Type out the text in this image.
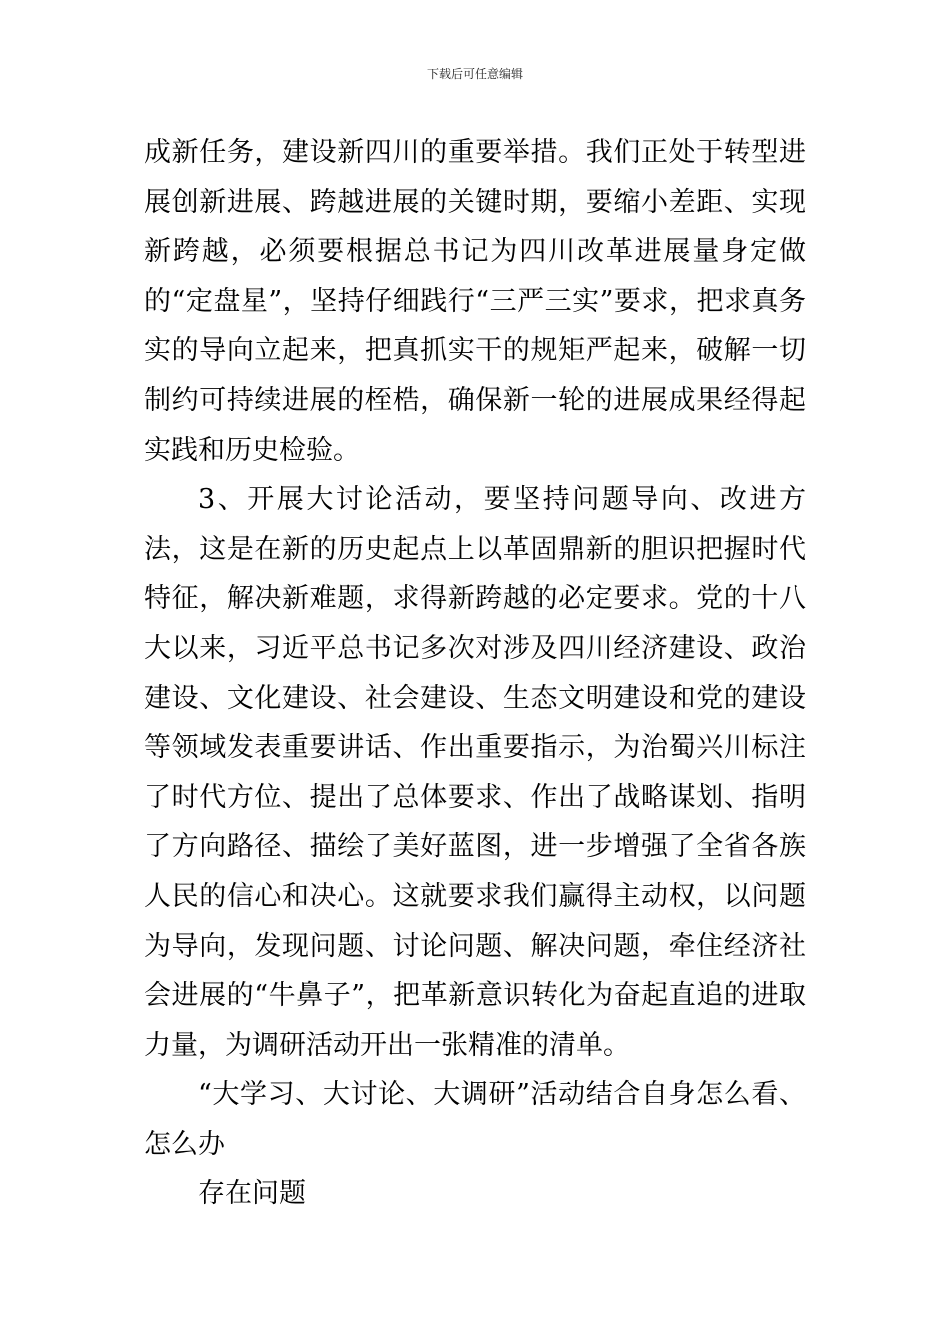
下载后可任意编辑

成新任务，建设新四川的重要举措。我们正处于转型进展创新进展、跨越进展的关键时期，要缩小差距、实现新跨越，必须要根据总书记为四川改革进展量身定做的“定盘星”，坚持仔细践行“三严三实”要求，把求真务实的导向立起来，把真抓实干的规矩严起来，破解一切制约可持续进展的桎梏，确保新一轮的进展成果经得起实践和历史检验。

3、开展大讨论活动，要坚持问题导向、改进方法，这是在新的历史起点上以革固鼎新的胆识把握时代特征，解决新难题，求得新跨越的必定要求。党的十八大以来，习近平总书记多次对涉及四川经济建设、政治建设、文化建设、社会建设、生态文明建设和党的建设等领域发表重要讲话、作出重要指示，为治蜀兴川标注了时代方位、提出了总体要求、作出了战略谋划、指明了方向路径、描绘了美好蓝图，进一步增强了全省各族人民的信心和决心。这就要求我们赢得主动权，以问题为导向，发现问题、讨论问题、解决问题，牵住经济社会进展的“牛鼻子”，把革新意识转化为奋起直追的进取力量，为调研活动开出一张精准的清单。

“大学习、大讨论、大调研”活动结合自身怎么看、怎么办

存在问题
